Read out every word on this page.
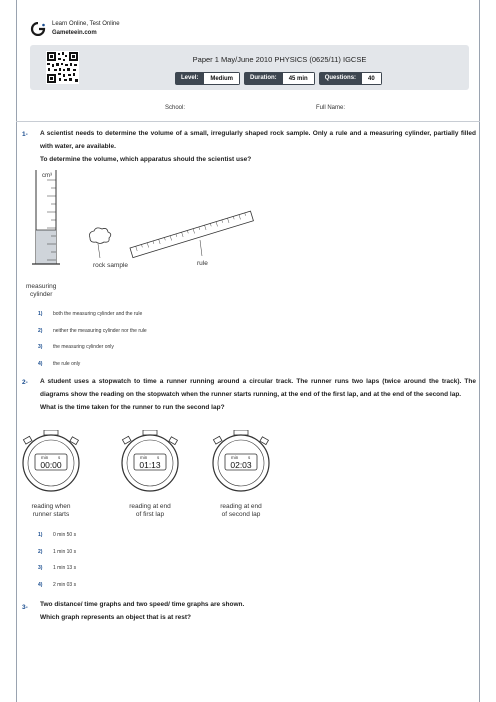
Learn Online, Test Online
Gameteein.com
Paper 1 May/June 2010 PHYSICS (0625/11) IGCSE
Level:	Medium	Duration:	45 min	Questions:	40
School:	Full Name:
1- A scientist needs to determine the volume of a small, irregularly shaped rock sample. Only a rule and a measuring cylinder, partially filled with water, are available.
To determine the volume, which apparatus should the scientist use?
cm³
measuring
cylinder
rock sample	rule
1)	both the measuring cylinder and the rule
2)	neither the measuring cylinder nor the rule
3)	the measuring cylinder only
4)	the rule only
2- A student uses a stopwatch to time a runner running around a circular track. The runner runs two laps (twice around the track). The diagrams show the reading on the stopwatch when the runner starts running, at the end of the first lap, and at the end of the second lap.
What is the time taken for the runner to run the second lap?
min s
00:00
reading when
runner starts
min s
01:13
reading at end
of first lap
min s
02:03
reading at end
of second lap
1)	0 min 50 s
2)	1 min 10 s
3)	1 min 13 s
4)	2 min 03 s
3- Two distance/ time graphs and two speed/ time graphs are shown.
Which graph represents an object that is at rest?
